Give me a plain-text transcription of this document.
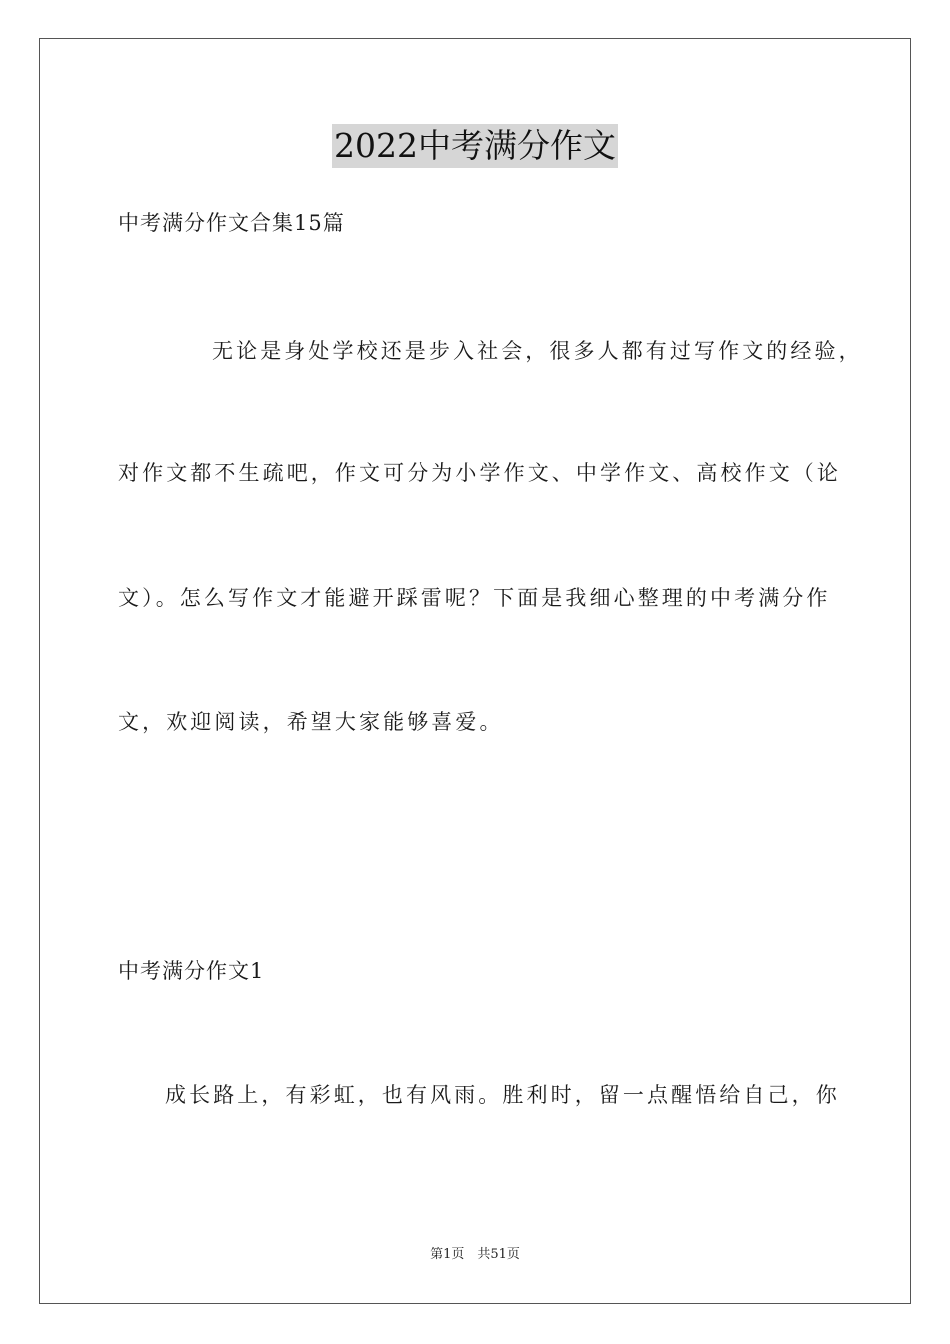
2022中考满分作文
中考满分作文合集15篇
无论是身处学校还是步入社会，很多人都有过写作文的经验，
对作文都不生疏吧，作文可分为小学作文、中学作文、高校作文（论
文）。怎么写作文才能避开踩雷呢？下面是我细心整理的中考满分作
文，欢迎阅读，希望大家能够喜爱。
中考满分作文1
成长路上，有彩虹，也有风雨。胜利时，留一点醒悟给自己，你
第1页　共51页
